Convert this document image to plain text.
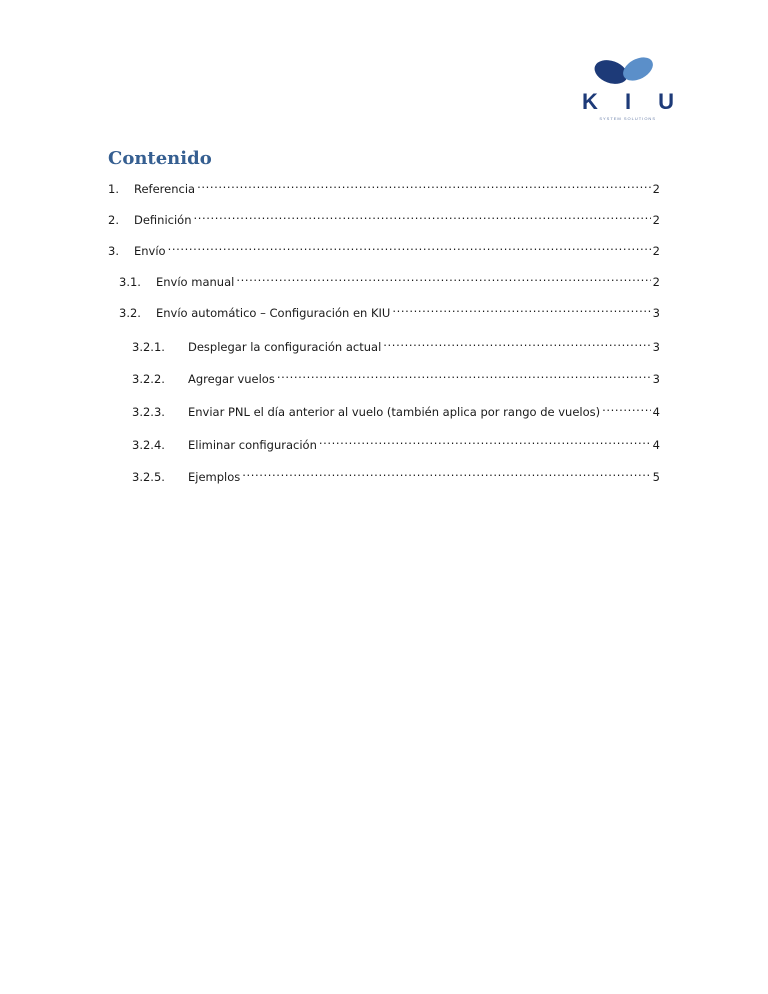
K I U
SYSTEM SOLUTIONS
Contenido
1.	Referencia .....	2
2.	Definición .....	2
3.	Envío .....	2
3.1.	Envío manual .....	2
3.2.	Envío automático – Configuración en KIU .....	3
3.2.1.	Desplegar la configuración actual .....	3
3.2.2.	Agregar vuelos .....	3
3.2.3.	Enviar PNL el día anterior al vuelo (también aplica por rango de vuelos) .....	4
3.2.4.	Eliminar configuración .....	4
3.2.5.	Ejemplos .....	5
